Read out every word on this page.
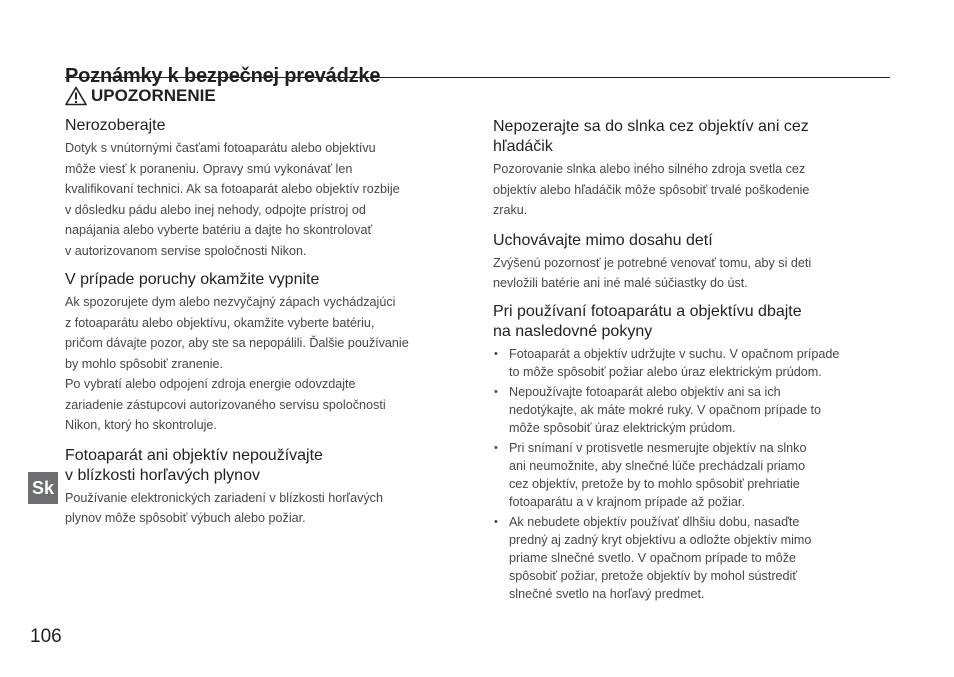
Poznámky k bezpečnej prevádzke
UPOZORNENIE
Nerozoberajte

Dotyk s vnútornými časťami fotoaparátu alebo objektívu
môže viesť k poraneniu. Opravy smú vykonávať len
kvalifikovaní technici. Ak sa fotoaparát alebo objektív rozbije
v dôsledku pádu alebo inej nehody, odpojte prístroj od
napájania alebo vyberte batériu a dajte ho skontrolovať
v autorizovanom servise spoločnosti Nikon.

V prípade poruchy okamžite vypnite

Ak spozorujete dym alebo nezvyčajný zápach vychádzajúci
z fotoaparátu alebo objektívu, okamžite vyberte batériu,
pričom dávajte pozor, aby ste sa nepopálili. Ďalšie používanie
by mohlo spôsobiť zranenie.
Po vybratí alebo odpojení zdroja energie odovzdajte
zariadenie zástupcovi autorizovaného servisu spoločnosti
Nikon, ktorý ho skontroluje.

Fotoaparát ani objektív nepoužívajte
v blízkosti horľavých plynov

Používanie elektronických zariadení v blízkosti horľavých
plynov môže spôsobiť výbuch alebo požiar.

Nepozerajte sa do slnka cez objektív ani cez
hľadáčik

Pozorovanie slnka alebo iného silného zdroja svetla cez
objektív alebo hľadáčik môže spôsobiť trvalé poškodenie
zraku.

Uchovávajte mimo dosahu detí

Zvýšenú pozornosť je potrebné venovať tomu, aby si deti
nevložili batérie ani iné malé súčiastky do úst.

Pri používaní fotoaparátu a objektívu dbajte
na nasledovné pokyny
• Fotoaparát a objektív udržujte v suchu. V opačnom prípade
to môže spôsobiť požiar alebo úraz elektrickým prúdom.
• Nepoužívajte fotoaparát alebo objektív ani sa ich
nedotýkajte, ak máte mokré ruky. V opačnom prípade to
môže spôsobiť úraz elektrickým prúdom.
• Pri snímaní v protisvetle nesmerujte objektív na slnko
ani neumožnite, aby slnečné lúče prechádzali priamo
cez objektív, pretože by to mohlo spôsobiť prehriatie
fotoaparátu a v krajnom prípade až požiar.
• Ak nebudete objektív používať dlhšiu dobu, nasaďte
predný aj zadný kryt objektívu a odložte objektív mimo
priame slnečné svetlo. V opačnom prípade to môže
spôsobiť požiar, pretože objektív by mohol sústrediť
slnečné svetlo na horľavý predmet.
Sk
106
